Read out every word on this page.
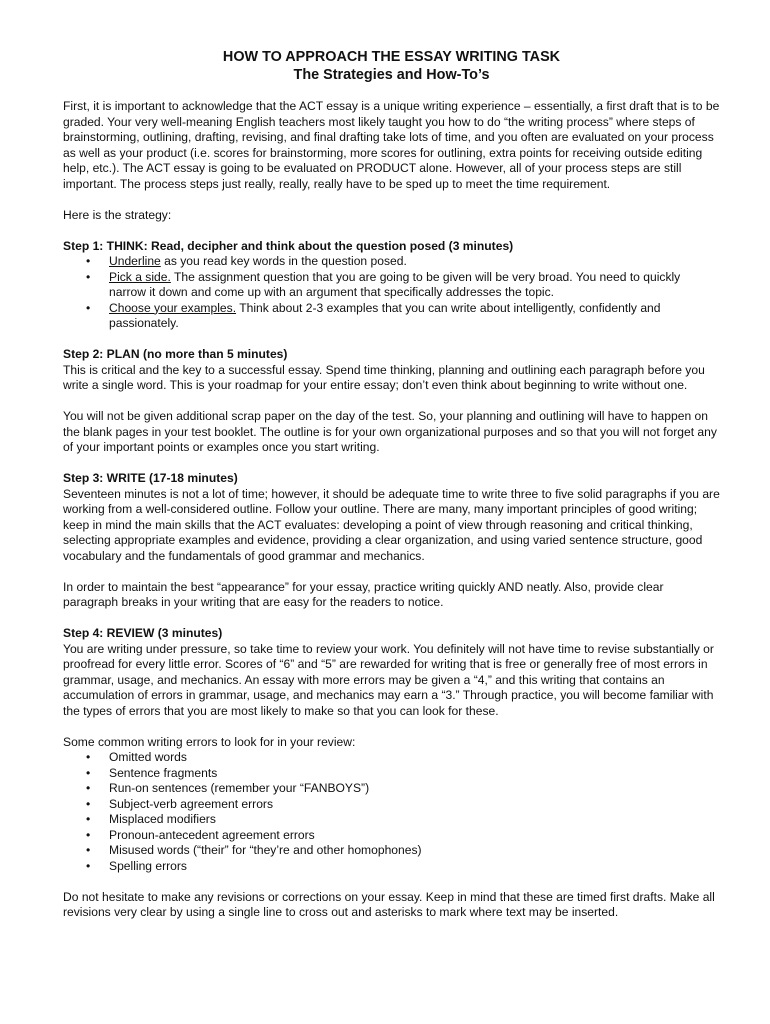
HOW TO APPROACH THE ESSAY WRITING TASK
The Strategies and How-To’s

First, it is important to acknowledge that the ACT essay is a unique writing experience – essentially, a first draft that is to be graded. Your very well-meaning English teachers most likely taught you how to do “the writing process” where steps of brainstorming, outlining, drafting, revising, and final drafting take lots of time, and you often are evaluated on your process as well as your product (i.e. scores for brainstorming, more scores for outlining, extra points for receiving outside editing help, etc.). The ACT essay is going to be evaluated on PRODUCT alone. However, all of your process steps are still important. The process steps just really, really, really have to be sped up to meet the time requirement.

Here is the strategy:

Step 1: THINK: Read, decipher and think about the question posed (3 minutes)
• Underline as you read key words in the question posed.
• Pick a side. The assignment question that you are going to be given will be very broad. You need to quickly narrow it down and come up with an argument that specifically addresses the topic.
• Choose your examples. Think about 2-3 examples that you can write about intelligently, confidently and passionately.
Step 2: PLAN (no more than 5 minutes)

This is critical and the key to a successful essay. Spend time thinking, planning and outlining each paragraph before you write a single word. This is your roadmap for your entire essay; don’t even think about beginning to write without one.

You will not be given additional scrap paper on the day of the test. So, your planning and outlining will have to happen on the blank pages in your test booklet. The outline is for your own organizational purposes and so that you will not forget any of your important points or examples once you start writing.

Step 3: WRITE (17-18 minutes)

Seventeen minutes is not a lot of time; however, it should be adequate time to write three to five solid paragraphs if you are working from a well-considered outline. Follow your outline. There are many, many important principles of good writing; keep in mind the main skills that the ACT evaluates: developing a point of view through reasoning and critical thinking, selecting appropriate examples and evidence, providing a clear organization, and using varied sentence structure, good vocabulary and the fundamentals of good grammar and mechanics.

In order to maintain the best “appearance” for your essay, practice writing quickly AND neatly. Also, provide clear paragraph breaks in your writing that are easy for the readers to notice.

Step 4: REVIEW (3 minutes)

You are writing under pressure, so take time to review your work. You definitely will not have time to revise substantially or proofread for every little error. Scores of “6” and “5” are rewarded for writing that is free or generally free of most errors in grammar, usage, and mechanics. An essay with more errors may be given a “4,” and this writing that contains an accumulation of errors in grammar, usage, and mechanics may earn a “3.” Through practice, you will become familiar with the types of errors that you are most likely to make so that you can look for these.

Some common writing errors to look for in your review:
• Omitted words
• Sentence fragments
• Run-on sentences (remember your “FANBOYS”)
• Subject-verb agreement errors
• Misplaced modifiers
• Pronoun-antecedent agreement errors
• Misused words (“their” for “they’re and other homophones)
• Spelling errors

Do not hesitate to make any revisions or corrections on your essay. Keep in mind that these are timed first drafts. Make all revisions very clear by using a single line to cross out and asterisks to mark where text may be inserted.
